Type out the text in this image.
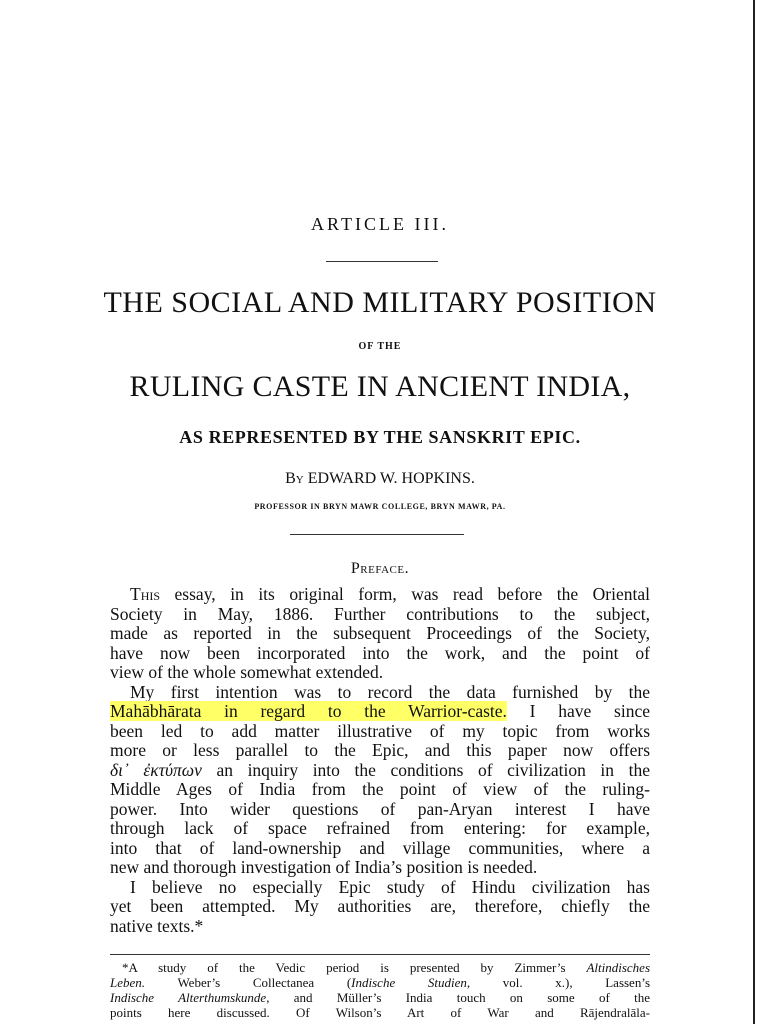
ARTICLE III.
THE SOCIAL AND MILITARY POSITION
OF THE
RULING CASTE IN ANCIENT INDIA,
AS REPRESENTED BY THE SANSKRIT EPIC.
By EDWARD W. HOPKINS.
PROFESSOR IN BRYN MAWR COLLEGE, BRYN MAWR, PA.
Preface.
This essay, in its original form, was read before the Oriental
Society in May, 1886. Further contributions to the subject,
made as reported in the subsequent Proceedings of the Society,
have now been incorporated into the work, and the point of
view of the whole somewhat extended.
My first intention was to record the data furnished by the
Mahābhārata in regard to the Warrior-caste. I have since
been led to add matter illustrative of my topic from works
more or less parallel to the Epic, and this paper now offers
δι᾽ ἐκτύπων an inquiry into the conditions of civilization in the
Middle Ages of India from the point of view of the ruling-
power. Into wider questions of pan-Aryan interest I have
through lack of space refrained from entering: for example,
into that of land-ownership and village communities, where a
new and thorough investigation of India’s position is needed.
I believe no especially Epic study of Hindu civilization has
yet been attempted. My authorities are, therefore, chiefly the
native texts.*
*A study of the Vedic period is presented by Zimmer’s Altindisches
Leben. Weber’s Collectanea (Indische Studien, vol. x.), Lassen’s
Indische Alterthumskunde, and Müller’s India touch on some of the
points here discussed. Of Wilson’s Art of War and Rājendralāla-
